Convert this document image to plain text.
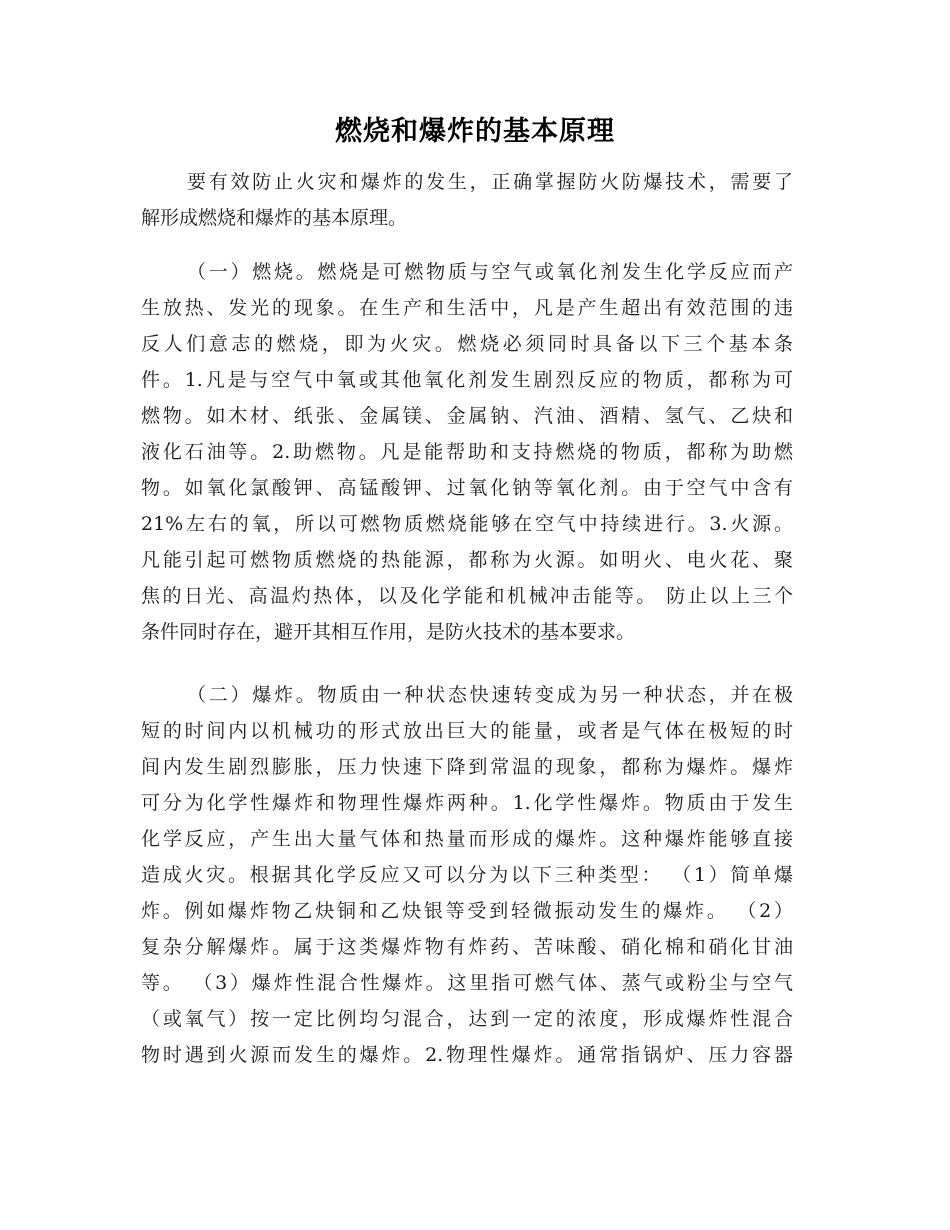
燃烧和爆炸的基本原理
要有效防止火灾和爆炸的发生，正确掌握防火防爆技术，需要了
解形成燃烧和爆炸的基本原理。
（一）燃烧。燃烧是可燃物质与空气或氧化剂发生化学反应而产
生放热、发光的现象。在生产和生活中，凡是产生超出有效范围的违
反人们意志的燃烧，即为火灾。燃烧必须同时具备以下三个基本条
件。1.凡是与空气中氧或其他氧化剂发生剧烈反应的物质，都称为可
燃物。如木材、纸张、金属镁、金属钠、汽油、酒精、氢气、乙炔和
液化石油等。2.助燃物。凡是能帮助和支持燃烧的物质，都称为助燃
物。如氧化氯酸钾、高锰酸钾、过氧化钠等氧化剂。由于空气中含有
21%左右的氧，所以可燃物质燃烧能够在空气中持续进行。3.火源。
凡能引起可燃物质燃烧的热能源，都称为火源。如明火、电火花、聚
焦的日光、高温灼热体，以及化学能和机械冲击能等。 防止以上三个
条件同时存在，避开其相互作用，是防火技术的基本要求。
（二）爆炸。物质由一种状态快速转变成为另一种状态，并在极
短的时间内以机械功的形式放出巨大的能量，或者是气体在极短的时
间内发生剧烈膨胀，压力快速下降到常温的现象，都称为爆炸。爆炸
可分为化学性爆炸和物理性爆炸两种。1.化学性爆炸。物质由于发生
化学反应，产生出大量气体和热量而形成的爆炸。这种爆炸能够直接
造成火灾。根据其化学反应又可以分为以下三种类型： （1）简单爆
炸。例如爆炸物乙炔铜和乙炔银等受到轻微振动发生的爆炸。 （2）
复杂分解爆炸。属于这类爆炸物有炸药、苦味酸、硝化棉和硝化甘油
等。 （3）爆炸性混合性爆炸。这里指可燃气体、蒸气或粉尘与空气
（或氧气）按一定比例均匀混合，达到一定的浓度，形成爆炸性混合
物时遇到火源而发生的爆炸。2.物理性爆炸。通常指锅炉、压力容器
